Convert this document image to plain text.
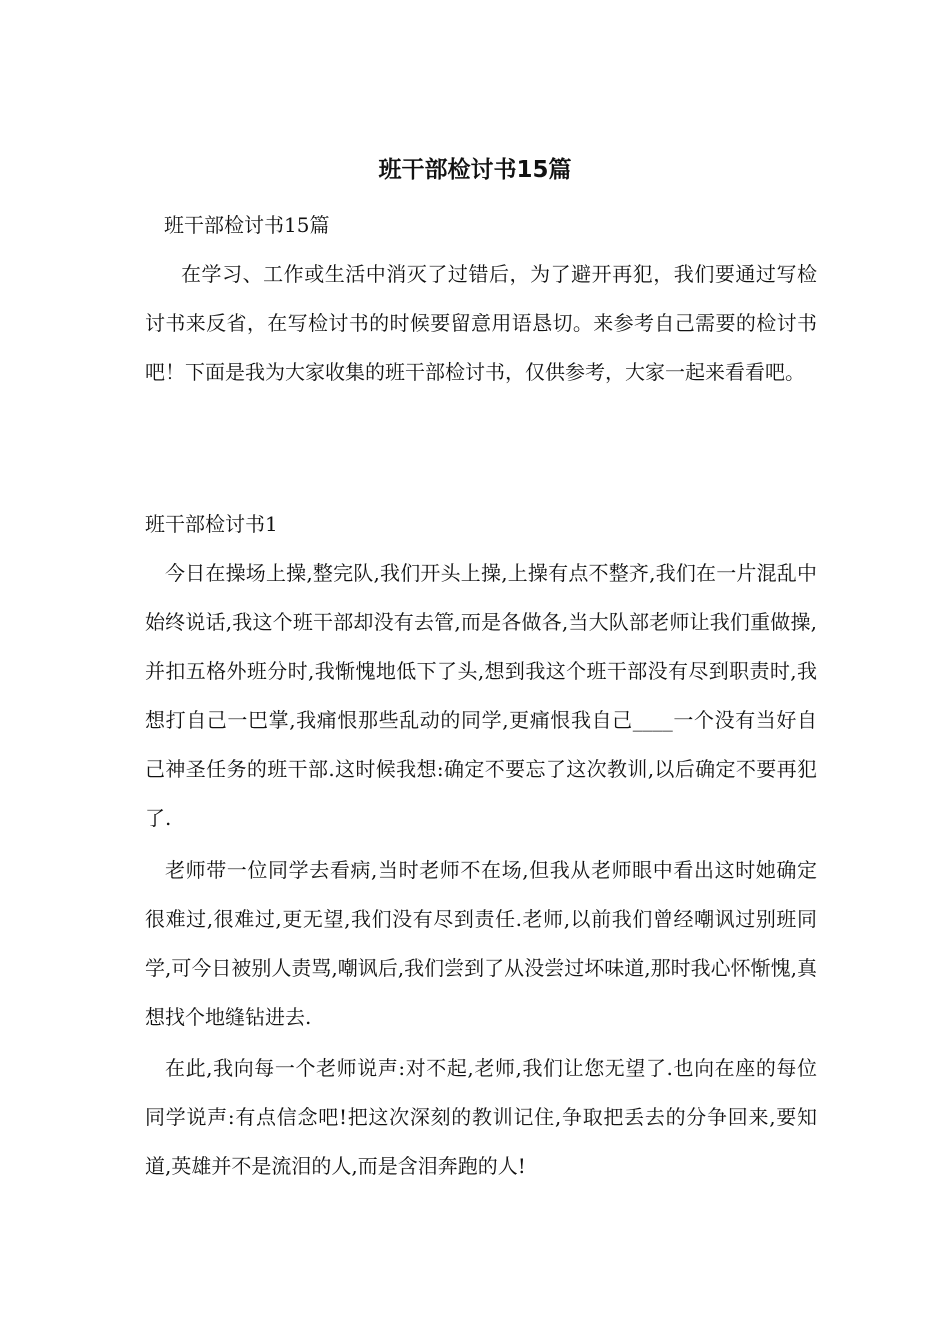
班干部检讨书15篇

班干部检讨书15篇

在学习、工作或生活中消灭了过错后，为了避开再犯，我们要通过写检讨书来反省，在写检讨书的时候要留意用语恳切。来参考自己需要的检讨书吧！下面是我为大家收集的班干部检讨书，仅供参考，大家一起来看看吧。

班干部检讨书1

今日在操场上操,整完队,我们开头上操,上操有点不整齐,我们在一片混乱中始终说话,我这个班干部却没有去管,而是各做各,当大队部老师让我们重做操,并扣五格外班分时,我惭愧地低下了头,想到我这个班干部没有尽到职责时,我想打自己一巴掌,我痛恨那些乱动的同学,更痛恨我自己____一个没有当好自己神圣任务的班干部.这时候我想:确定不要忘了这次教训,以后确定不要再犯了.

老师带一位同学去看病,当时老师不在场,但我从老师眼中看出这时她确定很难过,很难过,更无望,我们没有尽到责任.老师,以前我们曾经嘲讽过别班同学,可今日被别人责骂,嘲讽后,我们尝到了从没尝过坏味道,那时我心怀惭愧,真想找个地缝钻进去.

在此,我向每一个老师说声:对不起,老师,我们让您无望了.也向在座的每位同学说声:有点信念吧!把这次深刻的教训记住,争取把丢去的分争回来,要知道,英雄并不是流泪的人,而是含泪奔跑的人!
